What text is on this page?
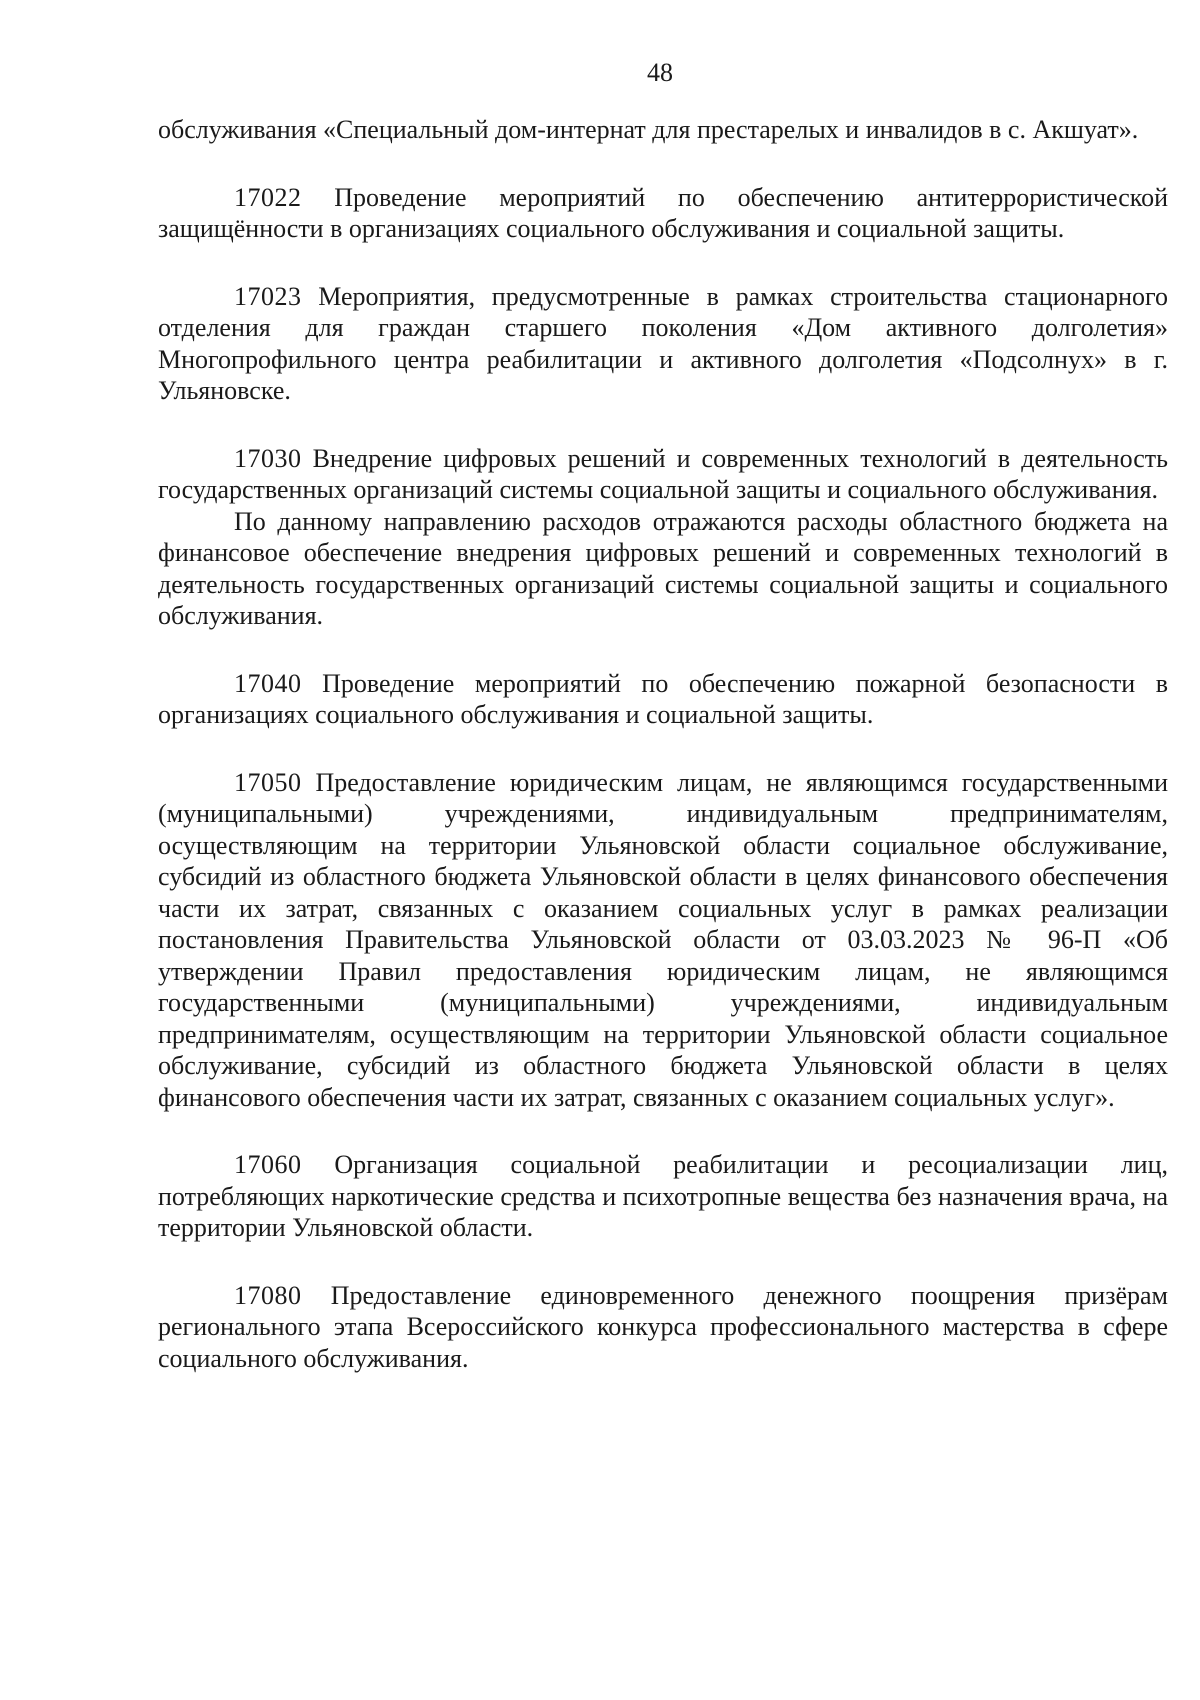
48

обслуживания «Специальный дом-интернат для престарелых и инвалидов в с. Акшуат».

17022 Проведение мероприятий по обеспечению антитеррористической защищённости в организациях социального обслуживания и социальной защиты.

17023 Мероприятия, предусмотренные в рамках строительства стационарного отделения для граждан старшего поколения «Дом активного долголетия» Многопрофильного центра реабилитации и активного долголетия «Подсолнух» в г. Ульяновске.

17030 Внедрение цифровых решений и современных технологий в деятельность государственных организаций системы социальной защиты и социального обслуживания.

По данному направлению расходов отражаются расходы областного бюджета на финансовое обеспечение внедрения цифровых решений и современных технологий в деятельность государственных организаций системы социальной защиты и социального обслуживания.

17040 Проведение мероприятий по обеспечению пожарной безопасности в организациях социального обслуживания и социальной защиты.

17050 Предоставление юридическим лицам, не являющимся государственными (муниципальными) учреждениями, индивидуальным предпринимателям, осуществляющим на территории Ульяновской области социальное обслуживание, субсидий из областного бюджета Ульяновской области в целях финансового обеспечения части их затрат, связанных с оказанием социальных услуг в рамках реализации постановления Правительства Ульяновской области от 03.03.2023 № 96-П «Об утверждении Правил предоставления юридическим лицам, не являющимся государственными (муниципальными) учреждениями, индивидуальным предпринимателям, осуществляющим на территории Ульяновской области социальное обслуживание, субсидий из областного бюджета Ульяновской области в целях финансового обеспечения части их затрат, связанных с оказанием социальных услуг».

17060 Организация социальной реабилитации и ресоциализации лиц, потребляющих наркотические средства и психотропные вещества без назначения врача, на территории Ульяновской области.

17080 Предоставление единовременного денежного поощрения призёрам регионального этапа Всероссийского конкурса профессионального мастерства в сфере социального обслуживания.
